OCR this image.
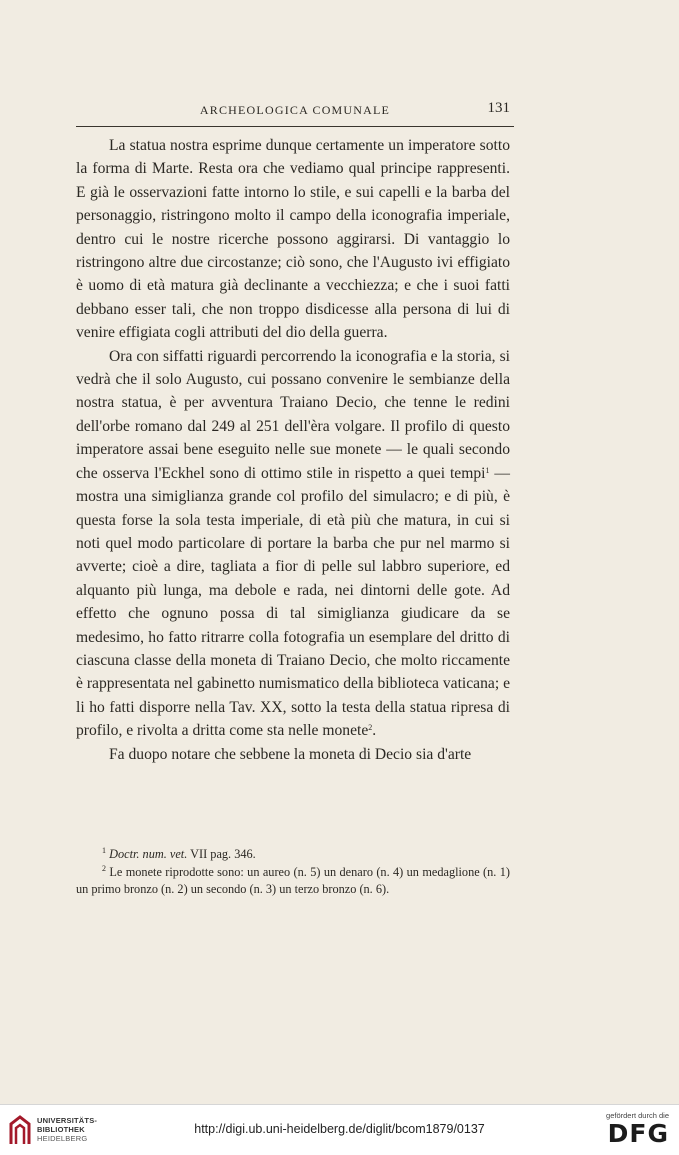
ARCHEOLOGICA COMUNALE	131

La statua nostra esprime dunque certamente un imperatore sotto la forma di Marte. Resta ora che vediamo qual principe rappresenti. E già le osservazioni fatte intorno lo stile, e sui capelli e la barba del personaggio, ristringono molto il campo della iconografia imperiale, dentro cui le nostre ricerche possono aggirarsi. Di vantaggio lo ristringono altre due circostanze; ciò sono, che l'Augusto ivi effigiato è uomo di età matura già declinante a vecchiezza; e che i suoi fatti debbano esser tali, che non troppo disdicesse alla persona di lui di venire effigiata cogli attributi del dio della guerra.

Ora con siffatti riguardi percorrendo la iconografia e la storia, si vedrà che il solo Augusto, cui possano convenire le sembianze della nostra statua, è per avventura Traiano Decio, che tenne le redini dell'orbe romano dal 249 al 251 dell'èra volgare. Il profilo di questo imperatore assai bene eseguito nelle sue monete — le quali secondo che osserva l'Eckhel sono di ottimo stile in rispetto a quei tempi$^1$ — mostra una simiglianza grande col profilo del simulacro; e di più, è questa forse la sola testa imperiale, di età più che matura, in cui si noti quel modo particolare di portare la barba che pur nel marmo si avverte; cioè a dire, tagliata a fior di pelle sul labbro superiore, ed alquanto più lunga, ma debole e rada, nei dintorni delle gote. Ad effetto che ognuno possa di tal simiglianza giudicare da se medesimo, ho fatto ritrarre colla fotografia un esemplare del dritto di ciascuna classe della moneta di Traiano Decio, che molto riccamente è rappresentata nel gabinetto numismatico della biblioteca vaticana; e li ho fatti disporre nella Tav. XX, sotto la testa della statua ripresa di profilo, e rivolta a dritta come sta nelle monete$^2$.

Fa duopo notare che sebbene la moneta di Decio sia d'arte

$^1$ Doctr. num. vet. VII pag. 346.

$^2$ Le monete riprodotte sono: un aureo (n. 5) un denaro (n. 4) un medaglione (n. 1) un primo bronzo (n. 2) un secondo (n. 3) un terzo bronzo (n. 6).

UNIVERSITÄTS-
BIBLIOTHEK
HEIDELBERG
http://digi.ub.uni-heidelberg.de/diglit/bcom1879/0137
gefördert durch die
DFG
